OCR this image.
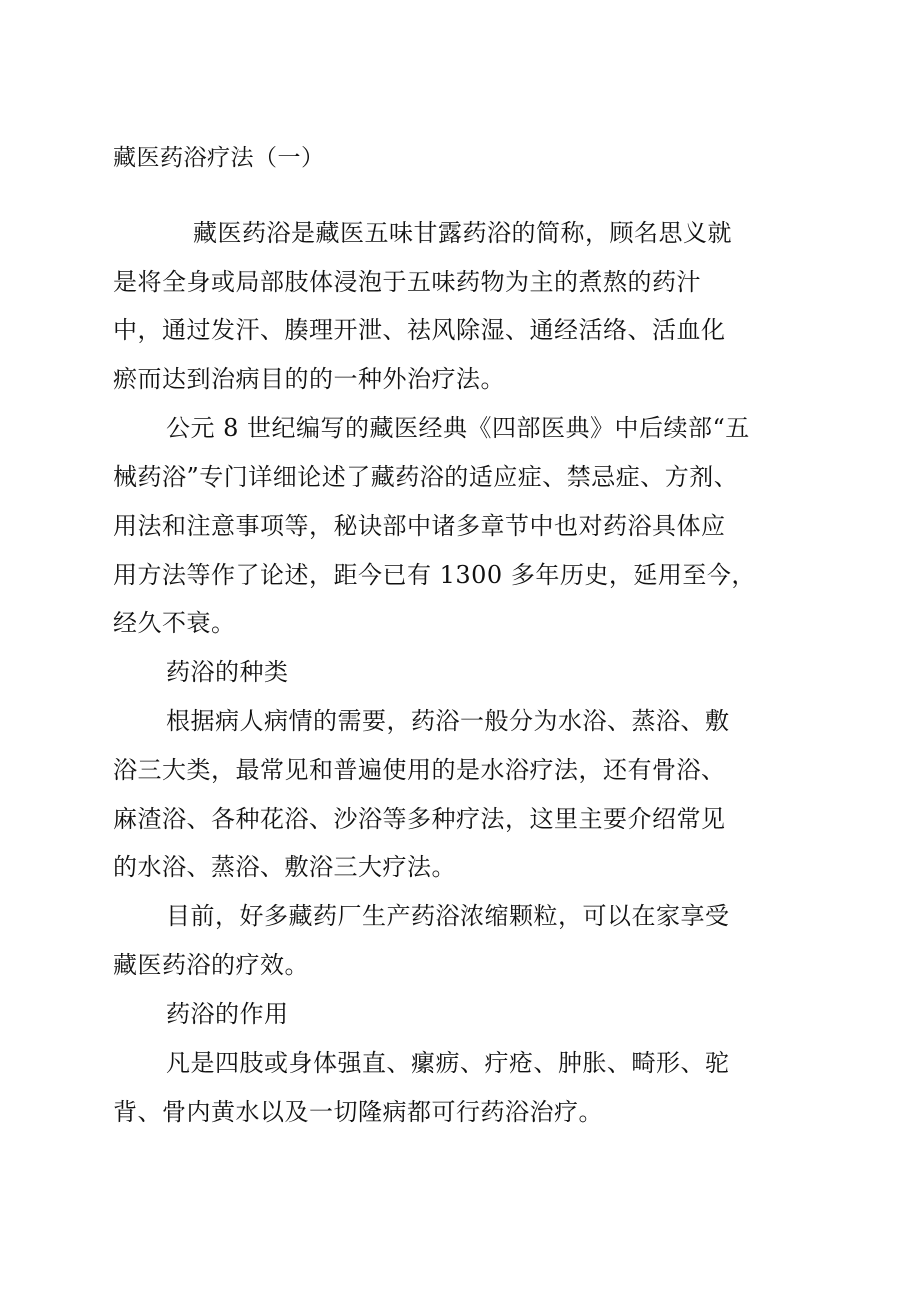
藏医药浴疗法（一）
藏医药浴是藏医五味甘露药浴的简称，顾名思义就
是将全身或局部肢体浸泡于五味药物为主的煮熬的药汁
中，通过发汗、腠理开泄、祛风除湿、通经活络、活血化
瘀而达到治病目的的一种外治疗法。
公元 8 世纪编写的藏医经典《四部医典》中后续部“五
械药浴”专门详细论述了藏药浴的适应症、禁忌症、方剂、
用法和注意事项等，秘诀部中诸多章节中也对药浴具体应
用方法等作了论述，距今已有 1300 多年历史，延用至今，
经久不衰。
药浴的种类
根据病人病情的需要，药浴一般分为水浴、蒸浴、敷
浴三大类，最常见和普遍使用的是水浴疗法，还有骨浴、
麻渣浴、各种花浴、沙浴等多种疗法，这里主要介绍常见
的水浴、蒸浴、敷浴三大疗法。
目前，好多藏药厂生产药浴浓缩颗粒，可以在家享受
藏医药浴的疗效。
药浴的作用
凡是四肢或身体强直、瘰疬、疔疮、肿胀、畸形、驼
背、骨内黄水以及一切隆病都可行药浴治疗。
